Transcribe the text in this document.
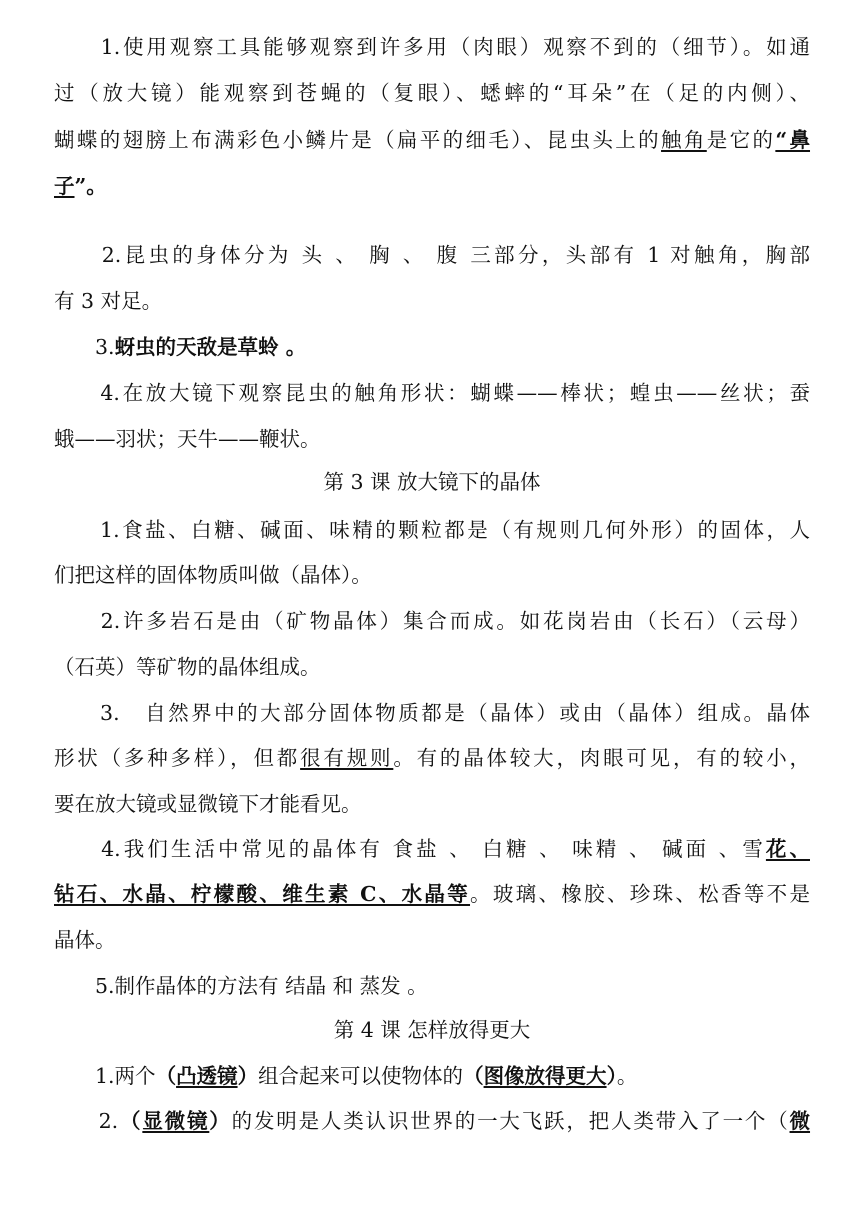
　　1.使用观察工具能够观察到许多用（肉眼）观察不到的（细节）。如通
过（放大镜）能观察到苍蝇的（复眼）、蟋蟀的“耳朵”在（足的内侧）、
蝴蝶的翅膀上布满彩色小鳞片是（扁平的细毛）、昆虫头上的触角是它的“鼻
子”。
　　2.昆虫的身体分为 头 、 胸 、 腹 三部分，头部有 1 对触角，胸部
有 3 对足。
　　3.蚜虫的天敌是草蛉 。
　　4.在放大镜下观察昆虫的触角形状：蝴蝶——棒状；蝗虫——丝状；蚕
蛾——羽状；天牛——鞭状。
第 3 课 放大镜下的晶体
　　1.食盐、白糖、碱面、味精的颗粒都是（有规则几何外形）的固体，人
们把这样的固体物质叫做（晶体）。
　　2.许多岩石是由（矿物晶体）集合而成。如花岗岩由（长石）（云母）
（石英）等矿物的晶体组成。
　　3.　自然界中的大部分固体物质都是（晶体）或由（晶体）组成。晶体
形状（多种多样），但都很有规则。有的晶体较大，肉眼可见，有的较小，
要在放大镜或显微镜下才能看见。
　　4.我们生活中常见的晶体有 食盐 、 白糖 、 味精 、 碱面 、雪花、
钻石、水晶、柠檬酸、维生素 C、水晶等。玻璃、橡胶、珍珠、松香等不是
晶体。
　　5.制作晶体的方法有 结晶 和 蒸发 。
第 4 课 怎样放得更大
　　1.两个（凸透镜）组合起来可以使物体的（图像放得更大）。
　　2.（显微镜）的发明是人类认识世界的一大飞跃，把人类带入了一个（微
